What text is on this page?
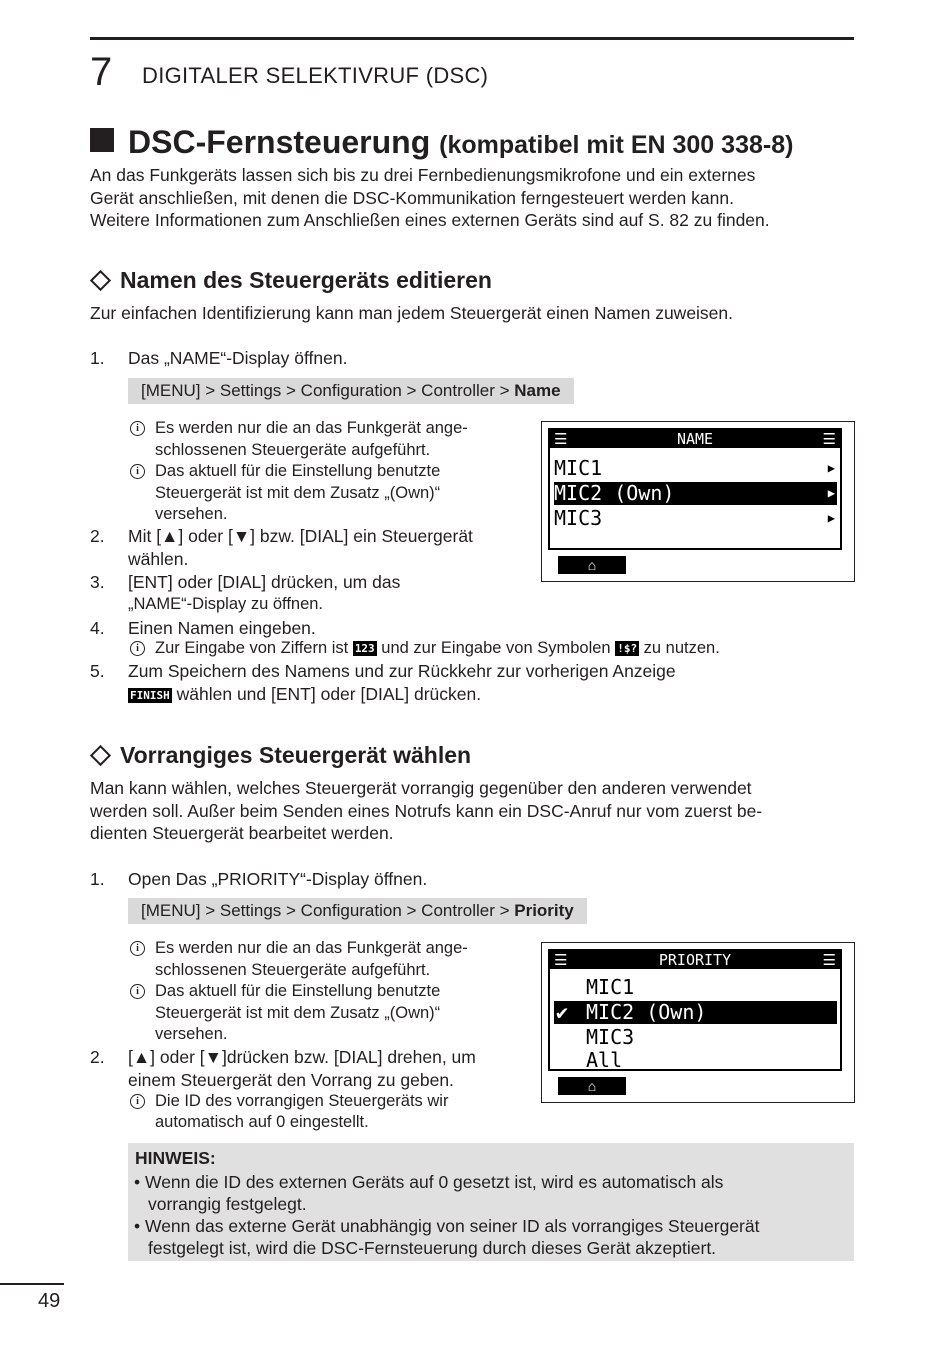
7 DIGITALER SELEKTIVRUF (DSC)
DSC-Fernsteuerung (kompatibel mit EN 300 338-8)
An das Funkgeräts lassen sich bis zu drei Fernbedienungsmikrofone und ein externes
Gerät anschließen, mit denen die DSC-Kommunikation ferngesteuert werden kann.
Weitere Informationen zum Anschließen eines externen Geräts sind auf S. 82 zu finden.
Namen des Steuergeräts editieren
Zur einfachen Identifizierung kann man jedem Steuergerät einen Namen zuweisen.
1. Das „NAME“-Display öffnen.
[MENU] > Settings > Configuration > Controller > Name
i Es werden nur die an das Funkgerät ange-
schlossenen Steuergeräte aufgeführt.
i Das aktuell für die Einstellung benutzte
Steuergerät ist mit dem Zusatz „(Own)“
versehen.
2. Mit [▲] oder [▼] bzw. [DIAL] ein Steuergerät
wählen.
3. [ENT] oder [DIAL] drücken, um das
„NAME“-Display zu öffnen.
4. Einen Namen eingeben.
i Zur Eingabe von Ziffern ist 123 und zur Eingabe von Symbolen !$? zu nutzen.
5. Zum Speichern des Namens und zur Rückkehr zur vorherigen Anzeige
FINISH wählen und [ENT] oder [DIAL] drücken.
☰	NAME	☰
MIC1	▶
MIC2 (Own)	▶
MIC3	▶
⌂
Vorrangiges Steuergerät wählen
Man kann wählen, welches Steuergerät vorrangig gegenüber den anderen verwendet
werden soll. Außer beim Senden eines Notrufs kann ein DSC-Anruf nur vom zuerst be-
dienten Steuergerät bearbeitet werden.
1. Open Das „PRIORITY“-Display öffnen.
[MENU] > Settings > Configuration > Controller > Priority
i Es werden nur die an das Funkgerät ange-
schlossenen Steuergeräte aufgeführt.
i Das aktuell für die Einstellung benutzte
Steuergerät ist mit dem Zusatz „(Own)“
versehen.
2. [▲] oder [▼]drücken bzw. [DIAL] drehen, um
einem Steuergerät den Vorrang zu geben.
i Die ID des vorrangigen Steuergeräts wir
automatisch auf 0 eingestellt.
☰	PRIORITY	☰
MIC1
✔ MIC2 (Own)
MIC3
All
⌂
HINWEIS:
• Wenn die ID des externen Geräts auf 0 gesetzt ist, wird es automatisch als
vorrangig festgelegt.
• Wenn das externe Gerät unabhängig von seiner ID als vorrangiges Steuergerät
festgelegt ist, wird die DSC-Fernsteuerung durch dieses Gerät akzeptiert.
49
